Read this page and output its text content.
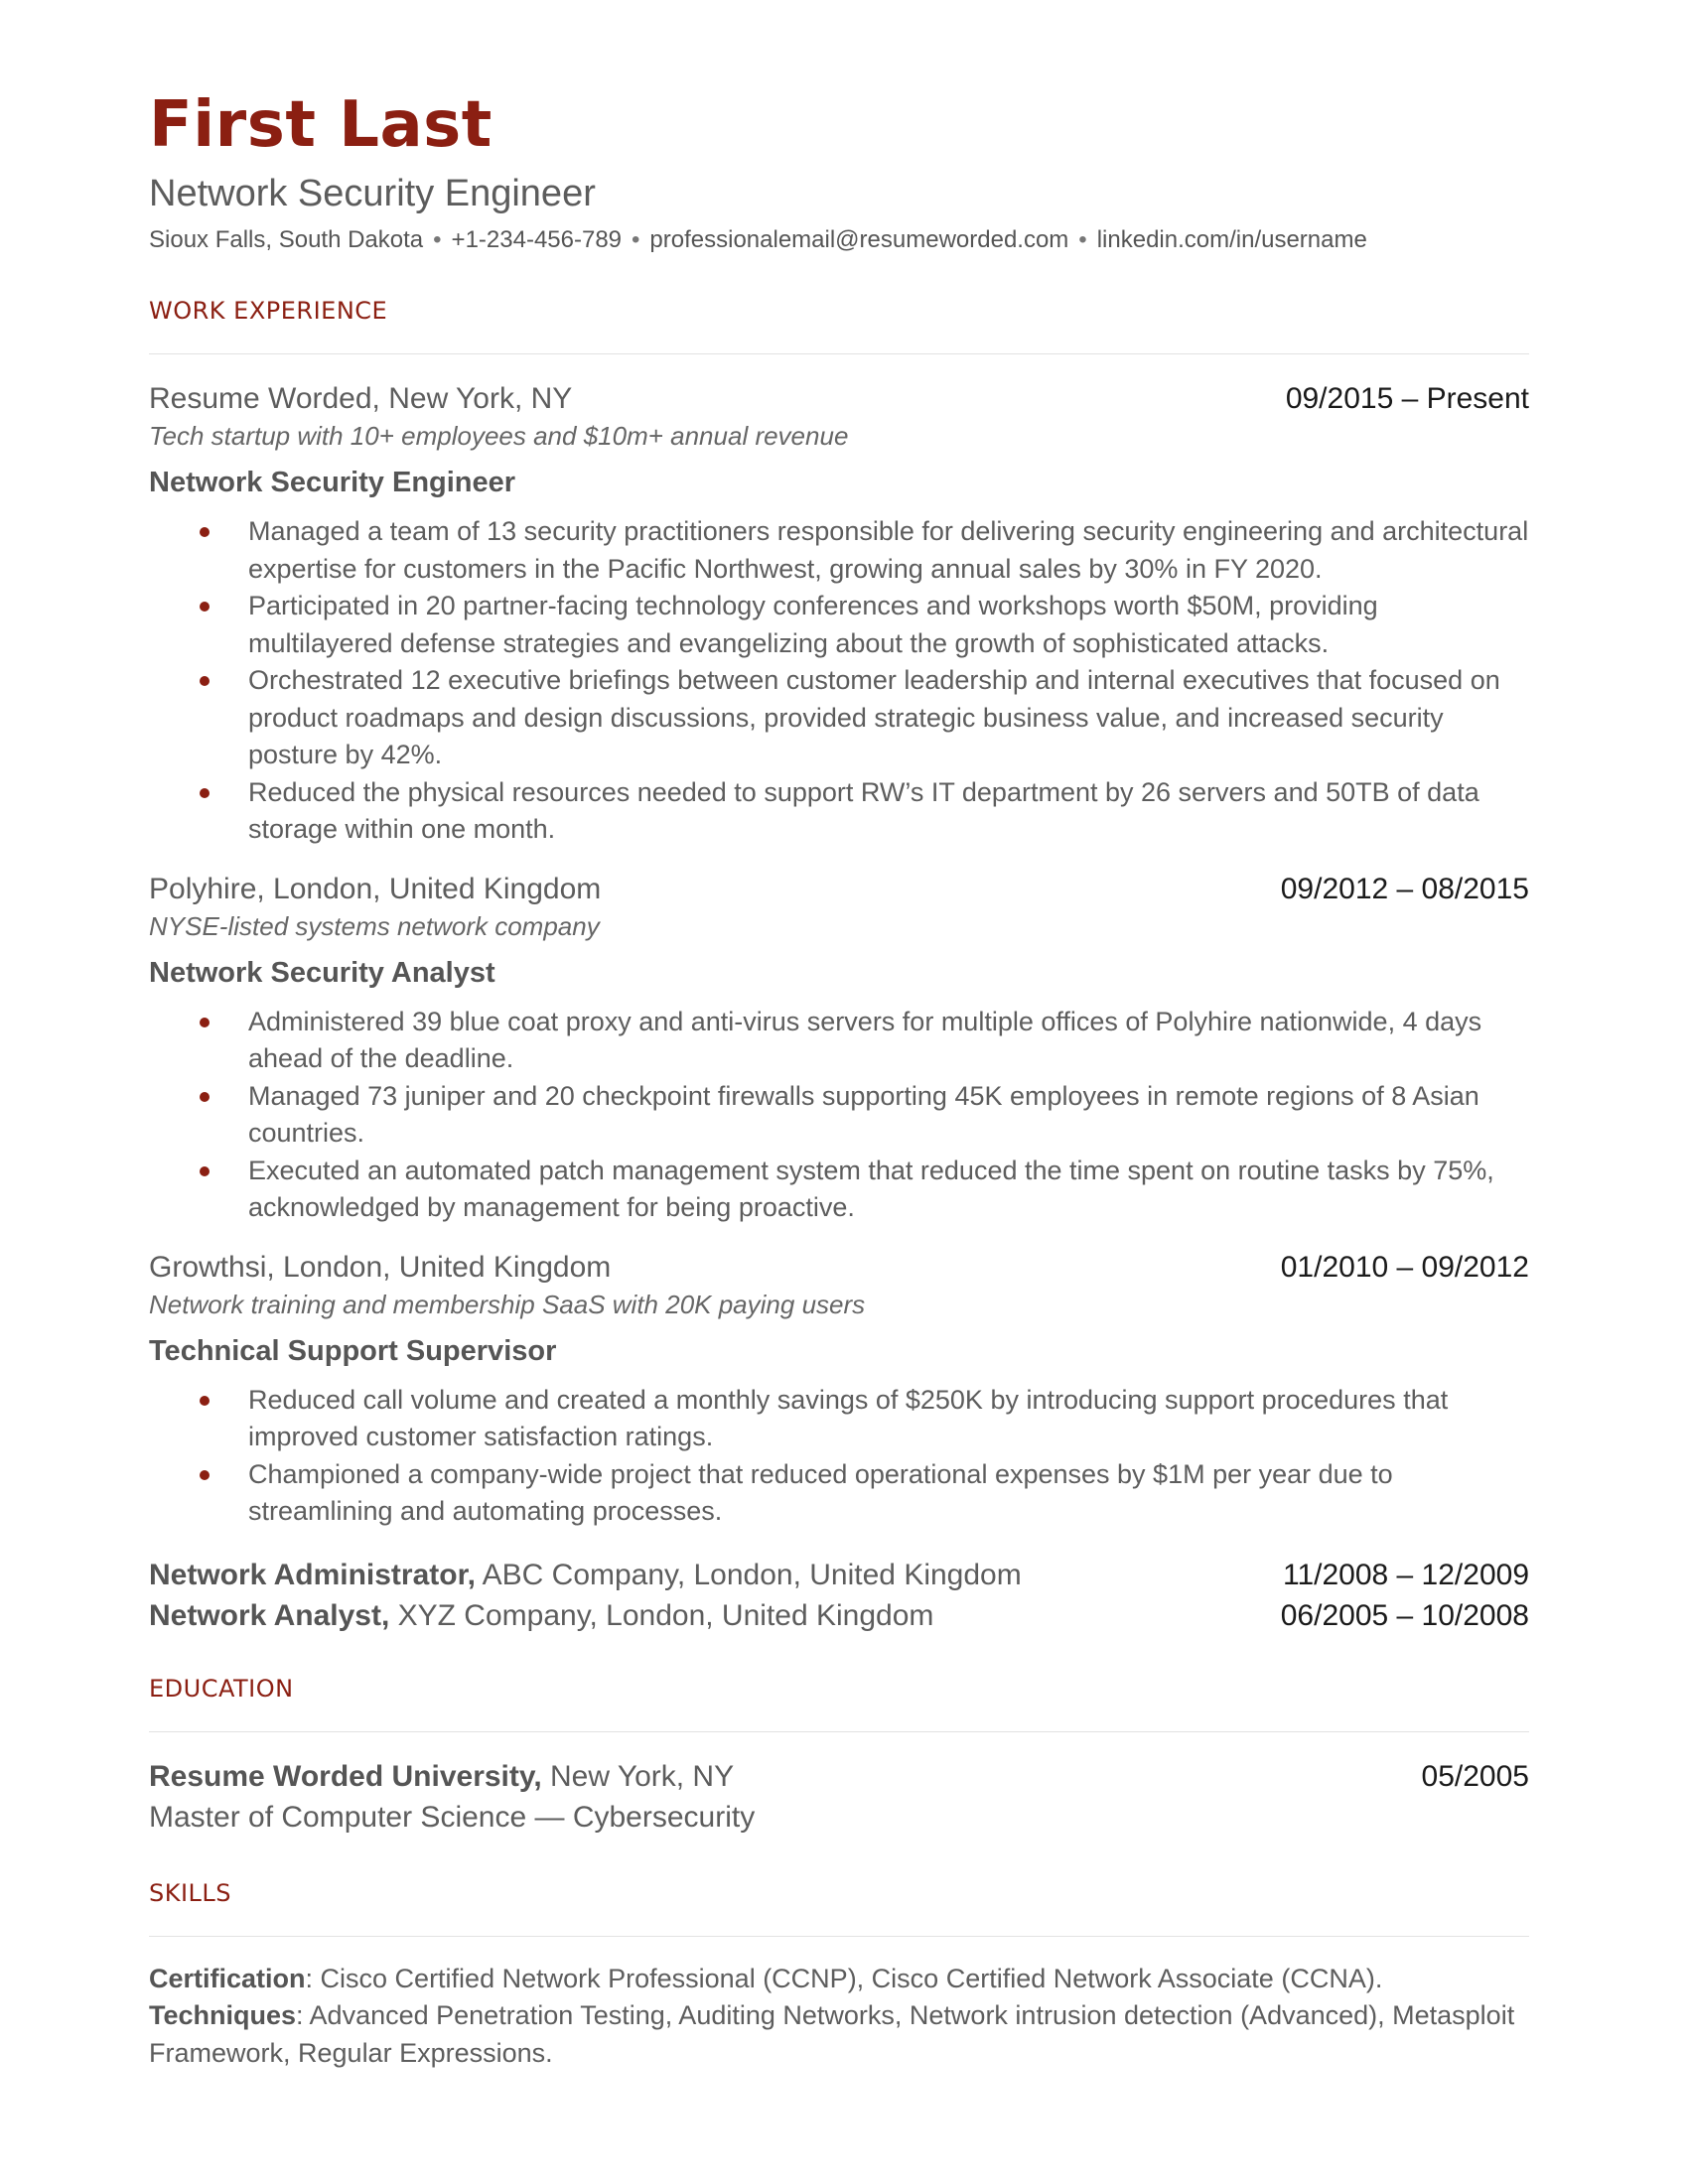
First Last
Network Security Engineer
Sioux Falls, South Dakota • +1-234-456-789 • professionalemail@resumeworded.com • linkedin.com/in/username
WORK EXPERIENCE
Resume Worded, New York, NY	09/2015 – Present
Tech startup with 10+ employees and $10m+ annual revenue
Network Security Engineer
Managed a team of 13 security practitioners responsible for delivering security engineering and architectural expertise for customers in the Pacific Northwest, growing annual sales by 30% in FY 2020.
Participated in 20 partner-facing technology conferences and workshops worth $50M, providing multilayered defense strategies and evangelizing about the growth of sophisticated attacks.
Orchestrated 12 executive briefings between customer leadership and internal executives that focused on product roadmaps and design discussions, provided strategic business value, and increased security posture by 42%.
Reduced the physical resources needed to support RW’s IT department by 26 servers and 50TB of data storage within one month.
Polyhire, London, United Kingdom	09/2012 – 08/2015
NYSE-listed systems network company
Network Security Analyst
Administered 39 blue coat proxy and anti-virus servers for multiple offices of Polyhire nationwide, 4 days ahead of the deadline.
Managed 73 juniper and 20 checkpoint firewalls supporting 45K employees in remote regions of 8 Asian countries.
Executed an automated patch management system that reduced the time spent on routine tasks by 75%, acknowledged by management for being proactive.
Growthsi, London, United Kingdom	01/2010 – 09/2012
Network training and membership SaaS with 20K paying users
Technical Support Supervisor
Reduced call volume and created a monthly savings of $250K by introducing support procedures that improved customer satisfaction ratings.
Championed a company-wide project that reduced operational expenses by $1M per year due to streamlining and automating processes.
Network Administrator, ABC Company, London, United Kingdom	11/2008 – 12/2009
Network Analyst, XYZ Company, London, United Kingdom	06/2005 – 10/2008
EDUCATION
Resume Worded University, New York, NY	05/2005
Master of Computer Science — Cybersecurity
SKILLS
Certification: Cisco Certified Network Professional (CCNP), Cisco Certified Network Associate (CCNA).
Techniques: Advanced Penetration Testing, Auditing Networks, Network intrusion detection (Advanced), Metasploit Framework, Regular Expressions.
